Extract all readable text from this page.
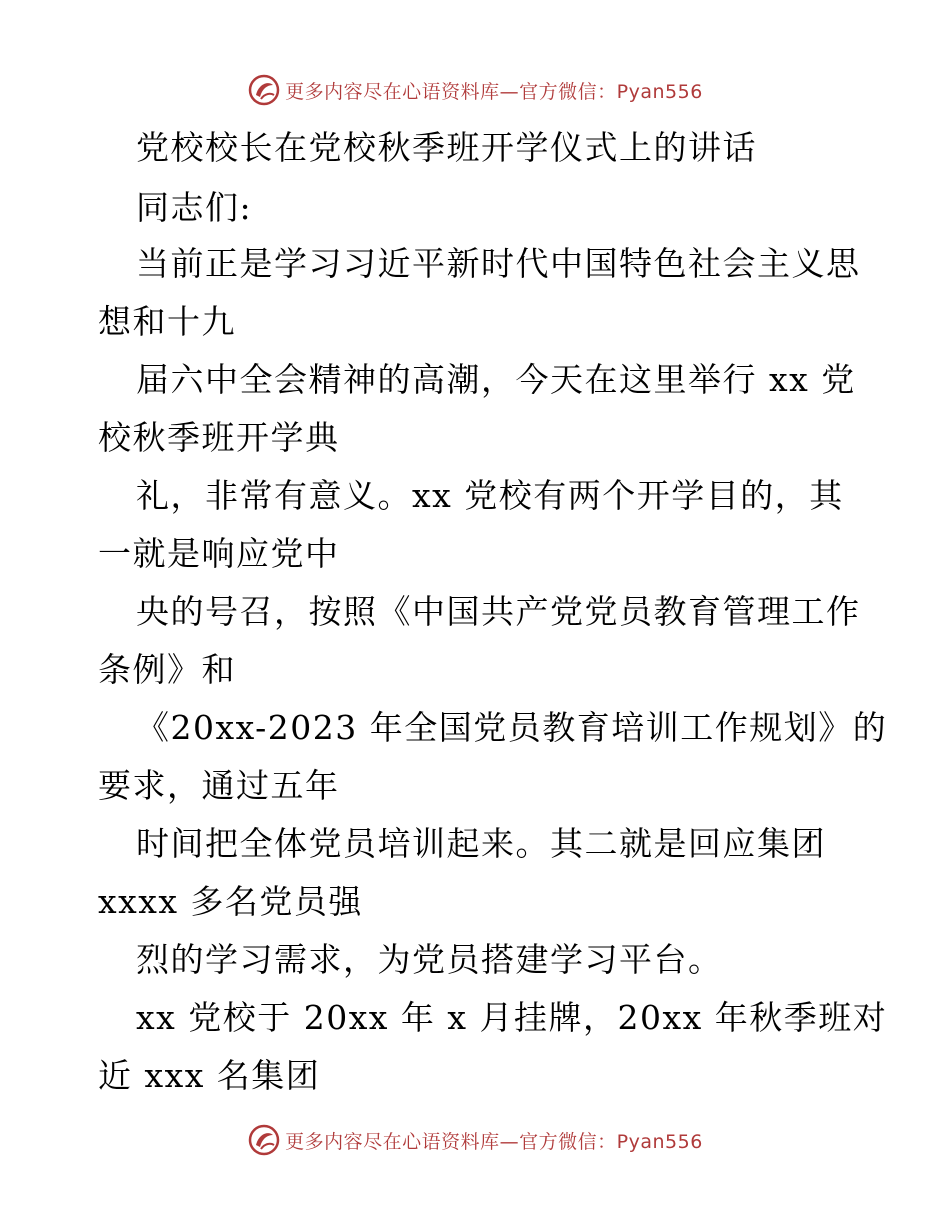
更多内容尽在心语资料库—官方微信：Pyan556
党校校长在党校秋季班开学仪式上的讲话
同志们:
当前正是学习习近平新时代中国特色社会主义思
想和十九
届六中全会精神的高潮，今天在这里举行 xx 党
校秋季班开学典
礼，非常有意义。xx 党校有两个开学目的，其
一就是响应党中
央的号召，按照《中国共产党党员教育管理工作
条例》和
《20xx-2023 年全国党员教育培训工作规划》的
要求，通过五年
时间把全体党员培训起来。其二就是回应集团
xxxx 多名党员强
烈的学习需求，为党员搭建学习平台。
xx 党校于 20xx 年 x 月挂牌，20xx 年秋季班对
近 xxx 名集团
更多内容尽在心语资料库—官方微信：Pyan556
